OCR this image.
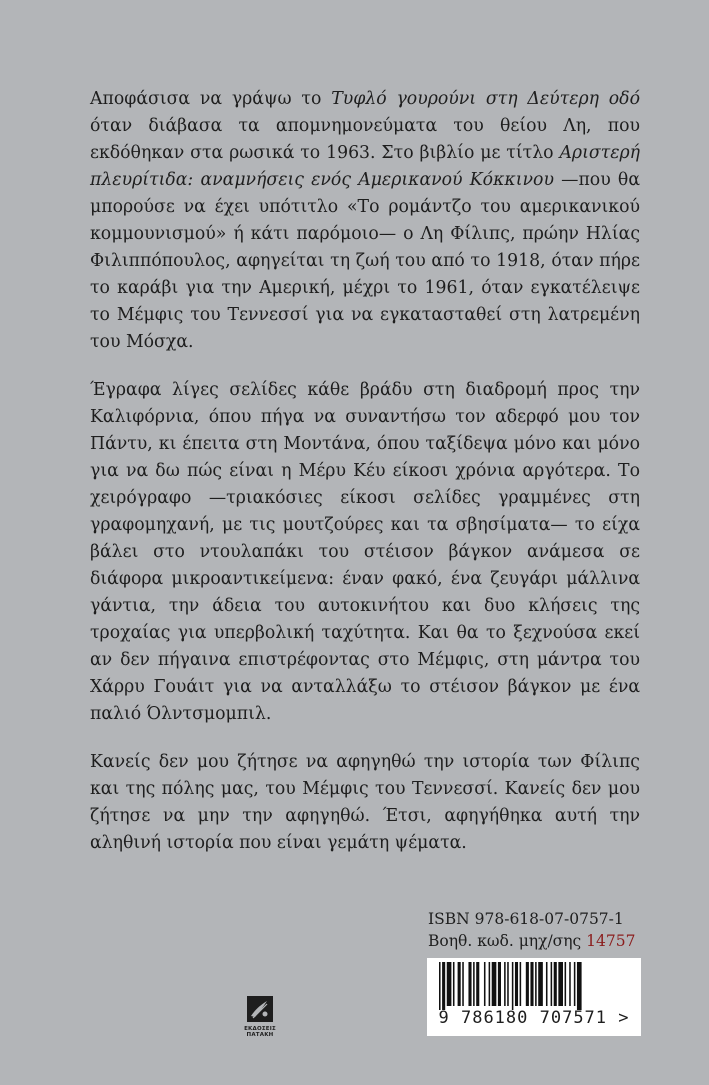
Αποφάσισα να γράψω το Τυφλό γουρούνι στη Δεύτερη οδό όταν διάβασα τα απομνημονεύματα του θείου Λη, που εκδόθηκαν στα ρωσικά το 1963. Στο βιβλίο με τίτλο Αριστερή πλευρίτιδα: αναμνήσεις ενός Αμερικανού Κόκκινου —που θα μπορούσε να έχει υπότιτλο «Το ρομάντζο του αμερικανικού κομμουνισμού» ή κάτι παρόμοιο— ο Λη Φίλιπς, πρώην Ηλίας Φιλιππόπουλος, αφηγείται τη ζωή του από το 1918, όταν πήρε το καράβι για την Αμερική, μέχρι το 1961, όταν εγκατέλειψε το Μέμφις του Τεννεσσί για να εγκατασταθεί στη λατρεμένη του Μόσχα.

Έγραφα λίγες σελίδες κάθε βράδυ στη διαδρομή προς την Καλιφόρνια, όπου πήγα να συναντήσω τον αδερφό μου τον Πάντυ, κι έπειτα στη Μοντάνα, όπου ταξίδεψα μόνο και μόνο για να δω πώς είναι η Μέρυ Κέυ είκοσι χρόνια αργότερα. Το χειρόγραφο —τριακόσιες είκοσι σελίδες γραμμένες στη γραφομηχανή, με τις μουτζούρες και τα σβησίματα— το είχα βάλει στο ντουλαπάκι του στέισον βάγκον ανάμεσα σε διάφορα μικροαντικείμενα: έναν φακό, ένα ζευγάρι μάλλινα γάντια, την άδεια του αυτοκινήτου και δυο κλήσεις της τροχαίας για υπερβολική ταχύτητα. Και θα το ξεχνούσα εκεί αν δεν πήγαινα επιστρέφοντας στο Μέμφις, στη μάντρα του Χάρρυ Γουάιτ για να ανταλλάξω το στέισον βάγκον με ένα παλιό Όλντσμομπιλ.

Κανείς δεν μου ζήτησε να αφηγηθώ την ιστορία των Φίλιπς και της πόλης μας, του Μέμφις του Τεννεσσί. Κανείς δεν μου ζήτησε να μην την αφηγηθώ. Έτσι, αφηγήθηκα αυτή την αληθινή ιστορία που είναι γεμάτη ψέματα.

ISBN 978-618-07-0757-1
Βοηθ. κωδ. μηχ/σης 14757
9 786180 707571 >
ΕΚΔΟΣΕΙΣ
ΠΑΤΑΚΗ
